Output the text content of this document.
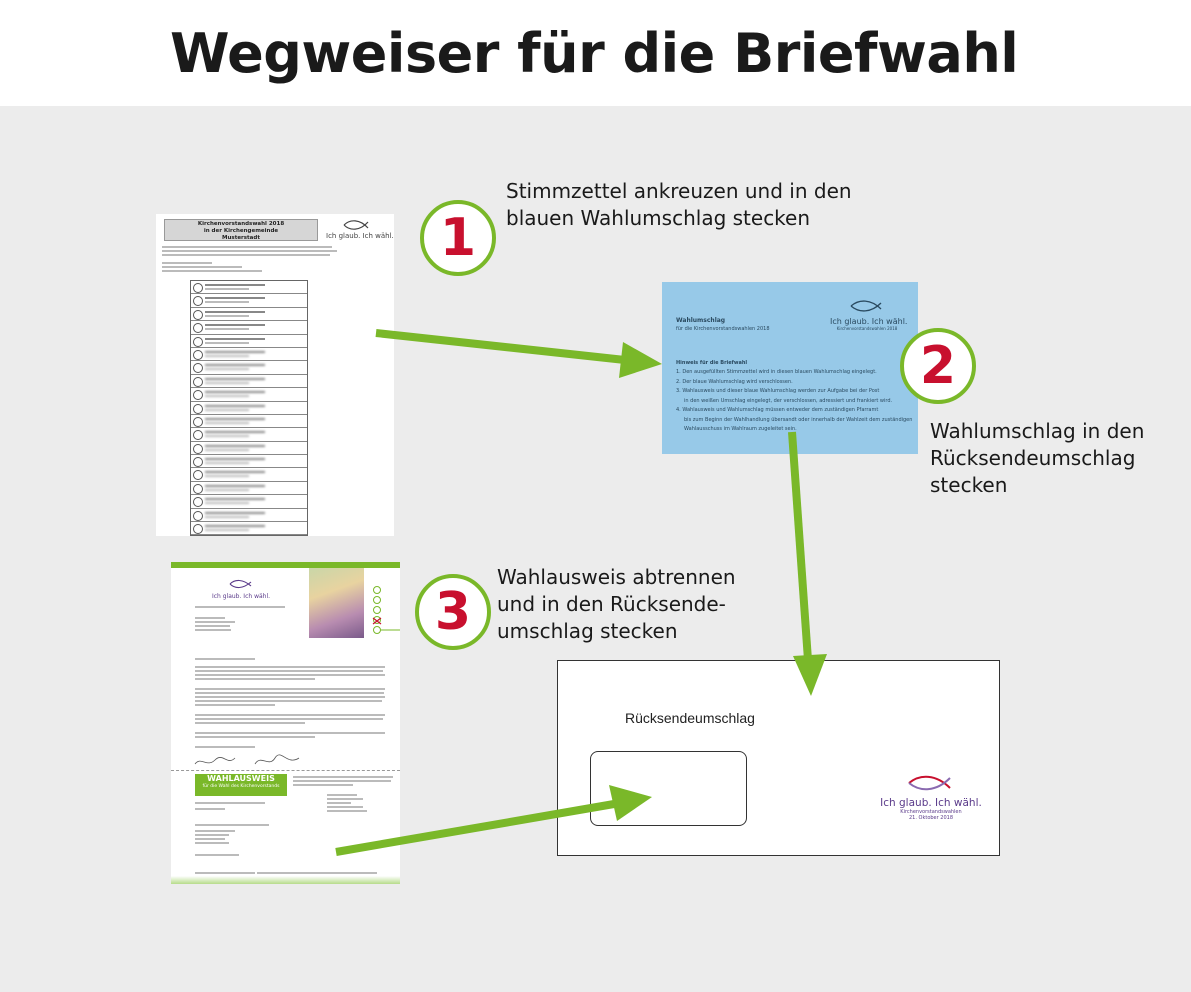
Wegweiser für die Briefwahl
Kirchenvorstandswahl 2018
in der Kirchengemeinde
Musterstadt	Ich glaub. Ich wähl. 1
Stimmzettel ankreuzen und in den
blauen Wahlumschlag stecken
Wahlumschlag
für die Kirchenvorstandswahlen 2018
Ich glaub. Ich wähl.
Kirchenvorstandswahlen 2018
Hinweis für die Briefwahl
1. Den ausgefüllten Stimmzettel wird in diesen blauen Wahlumschlag eingelegt.
2. Der blaue Wahlumschlag wird verschlossen.
3. Wahlausweis und dieser blaue Wahlumschlag werden zur Aufgabe bei der Post
in den weißen Umschlag eingelegt, der verschlossen, adressiert und frankiert wird.
4. Wahlausweis und Wahlumschlag müssen entweder dem zuständigen Pfarramt
bis zum Beginn der Wahlhandlung übersandt oder innerhalb der Wahlzeit dem zuständigen
Wahlausschuss im Wahlraum zugeleitet sein.
2
Wahlumschlag in den
Rücksendeumschlag
stecken
Ich glaub. Ich wähl.
WAHLAUSWEIS
für die Wahl des Kirchenvorstands
3
Wahlausweis abtrennen
und in den Rücksende-
umschlag stecken
Rücksendeumschlag
Ich glaub. Ich wähl.
Kirchenvorstandswahlen
21. Oktober 2018
